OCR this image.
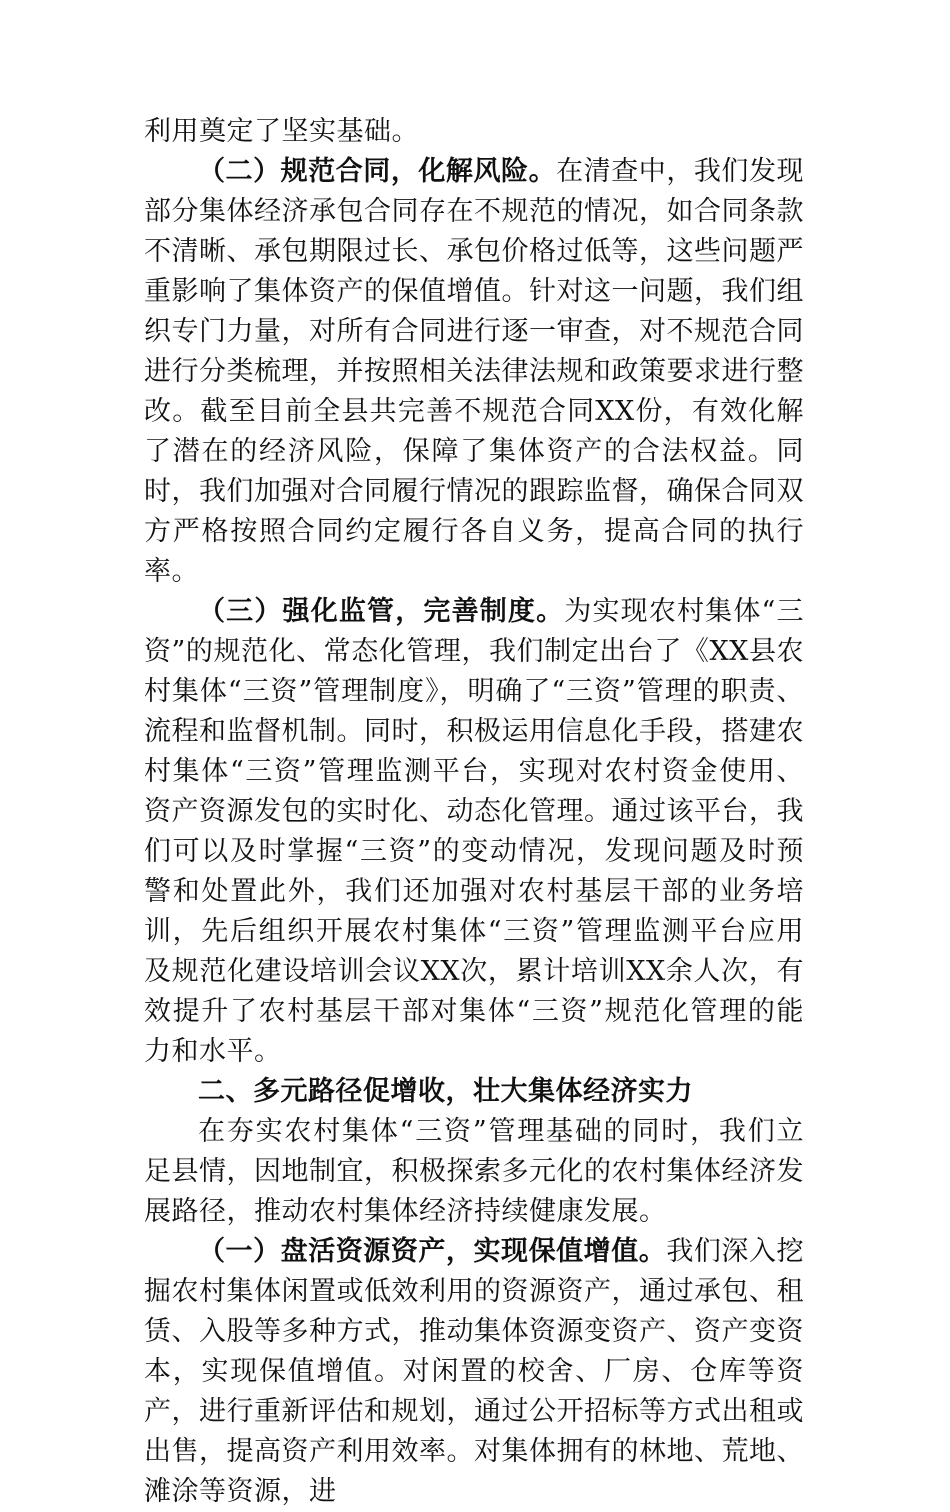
利用奠定了坚实基础。

（二）规范合同，化解风险。在清查中，我们发现部分集体经济承包合同存在不规范的情况，如合同条款不清晰、承包期限过长、承包价格过低等，这些问题严重影响了集体资产的保值增值。针对这一问题，我们组织专门力量，对所有合同进行逐一审查，对不规范合同进行分类梳理，并按照相关法律法规和政策要求进行整改。截至目前全县共完善不规范合同XX份，有效化解了潜在的经济风险，保障了集体资产的合法权益。同时，我们加强对合同履行情况的跟踪监督，确保合同双方严格按照合同约定履行各自义务，提高合同的执行率。

（三）强化监管，完善制度。为实现农村集体“三资”的规范化、常态化管理，我们制定出台了《XX县农村集体“三资”管理制度》，明确了“三资”管理的职责、流程和监督机制。同时，积极运用信息化手段，搭建农村集体“三资”管理监测平台，实现对农村资金使用、资产资源发包的实时化、动态化管理。通过该平台，我们可以及时掌握“三资”的变动情况，发现问题及时预警和处置此外，我们还加强对农村基层干部的业务培训，先后组织开展农村集体“三资”管理监测平台应用及规范化建设培训会议XX次，累计培训XX余人次，有效提升了农村基层干部对集体“三资”规范化管理的能力和水平。

二、多元路径促增收，壮大集体经济实力

在夯实农村集体“三资”管理基础的同时，我们立足县情，因地制宜，积极探索多元化的农村集体经济发展路径，推动农村集体经济持续健康发展。

（一）盘活资源资产，实现保值增值。我们深入挖掘农村集体闲置或低效利用的资源资产，通过承包、租赁、入股等多种方式，推动集体资源变资产、资产变资本，实现保值增值。对闲置的校舍、厂房、仓库等资产，进行重新评估和规划，通过公开招标等方式出租或出售，提高资产利用效率。对集体拥有的林地、荒地、滩涂等资源，进
